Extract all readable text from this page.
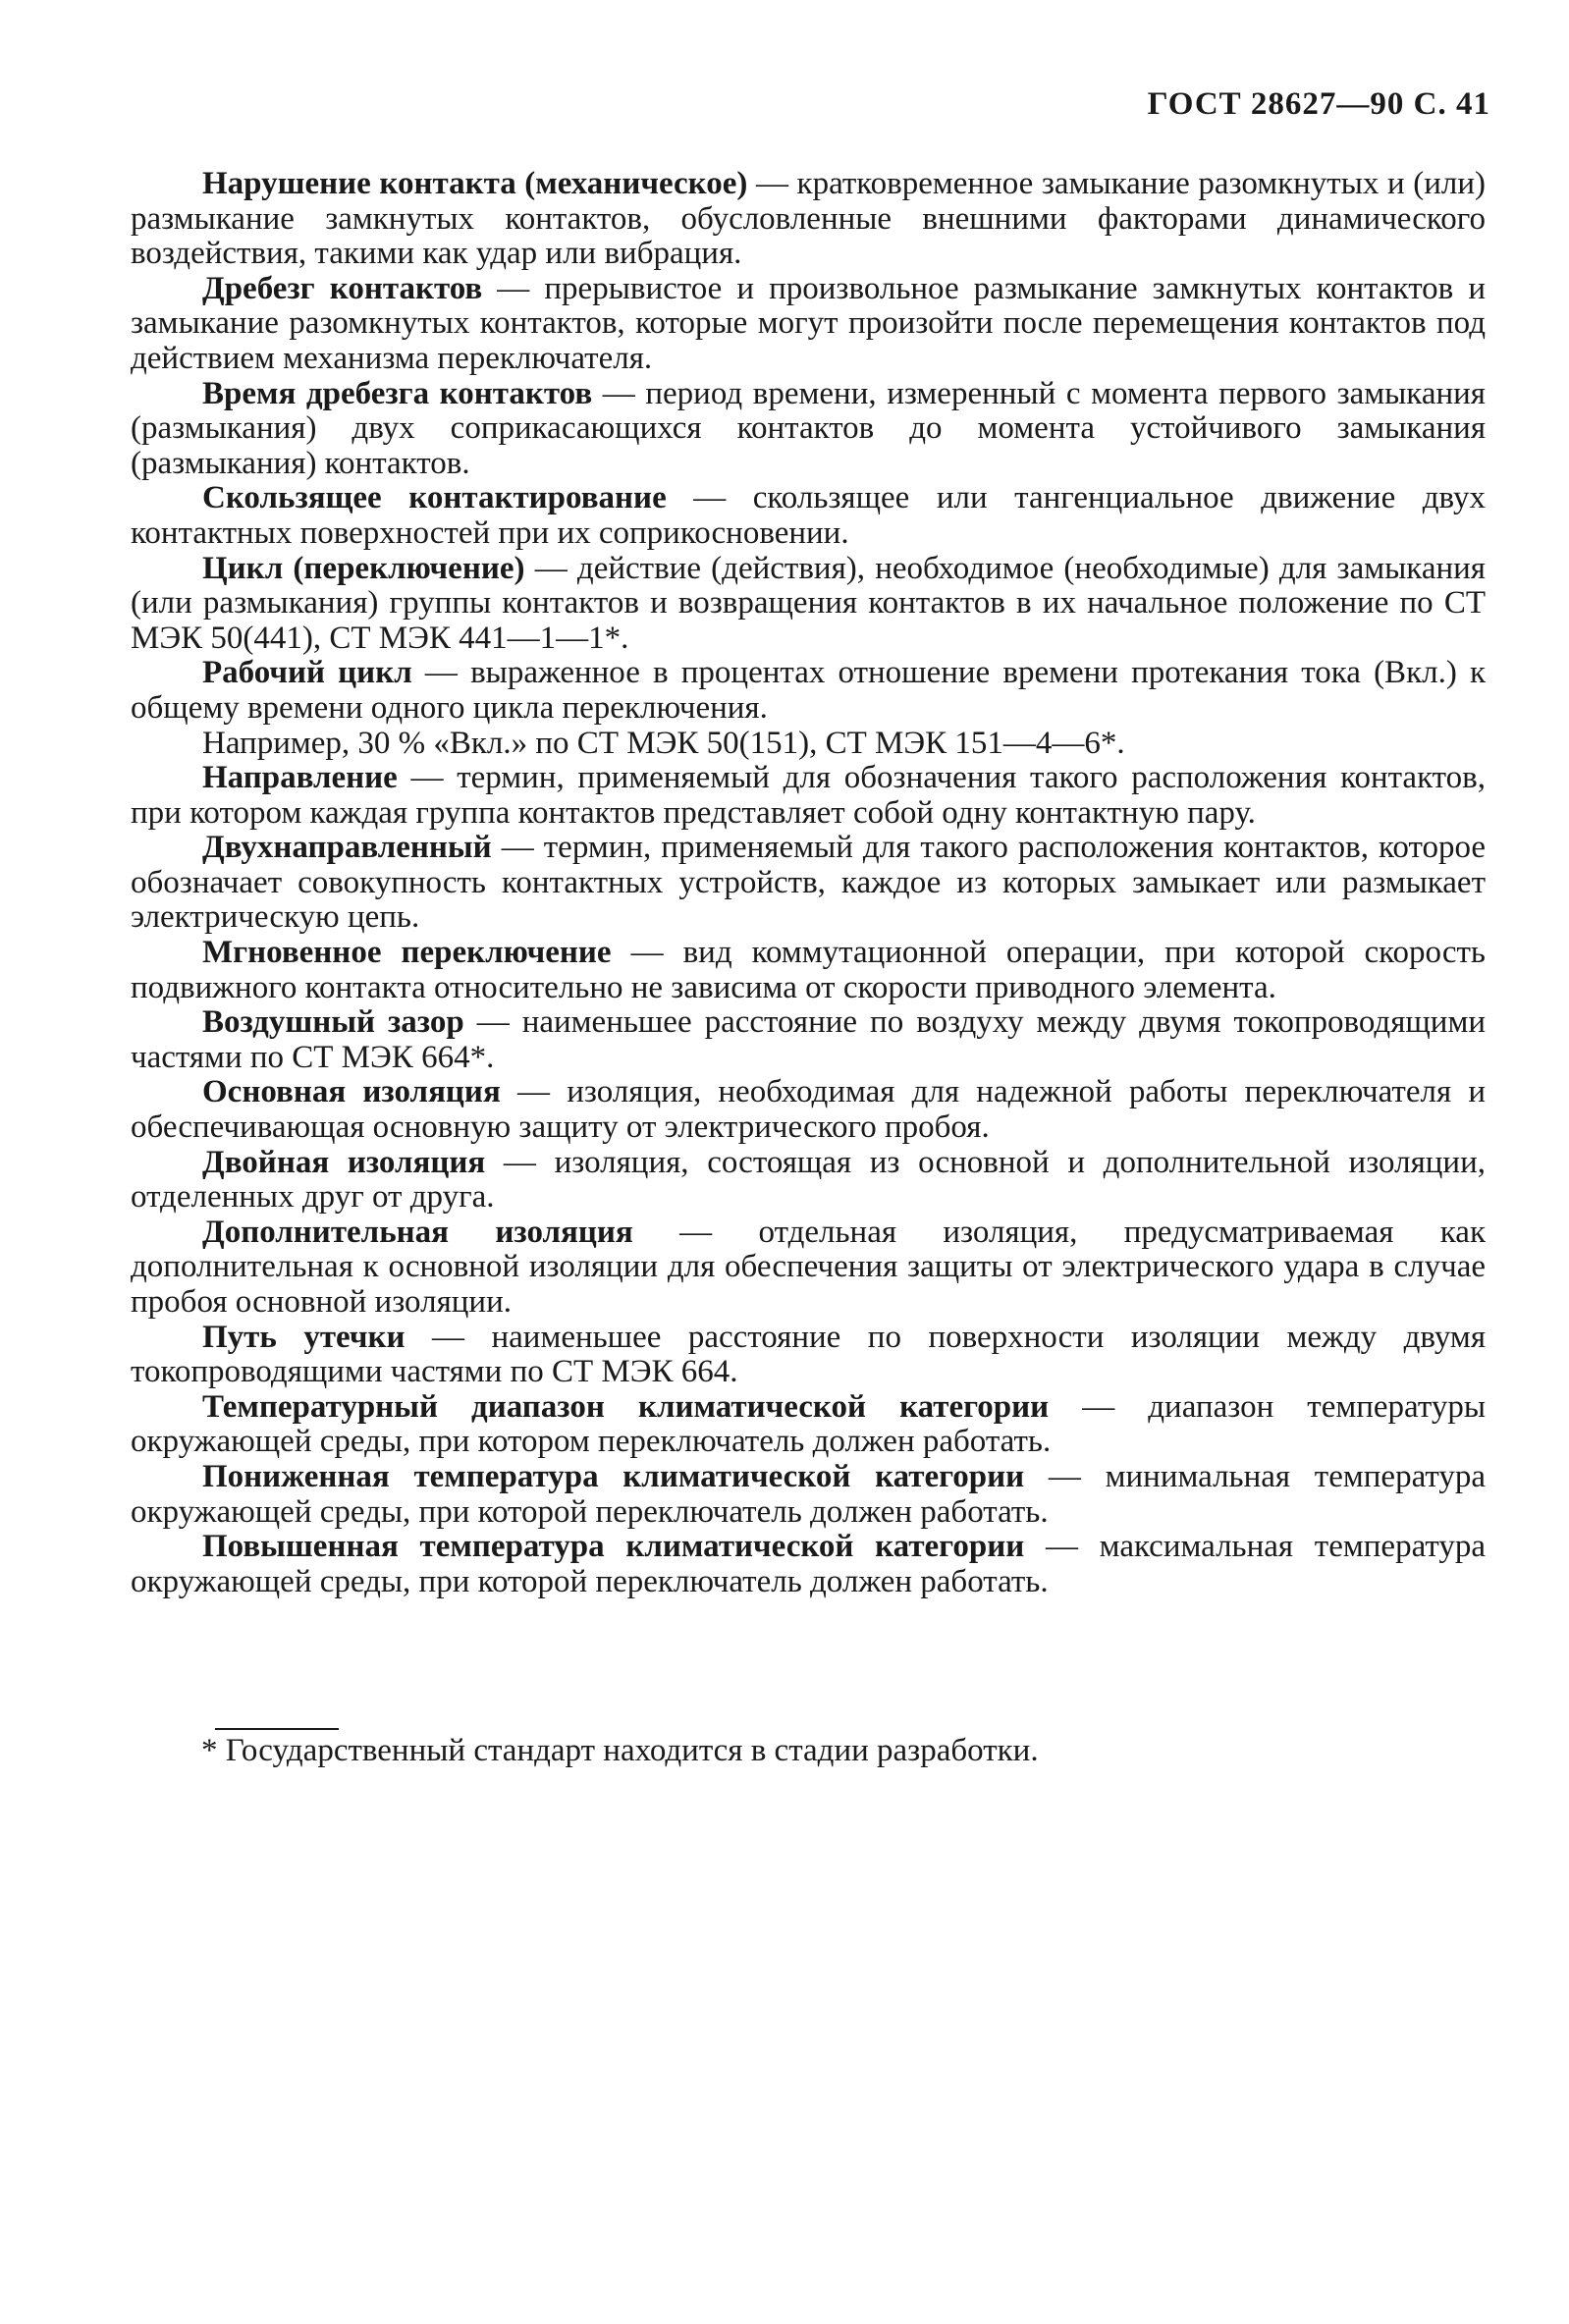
ГОСТ 28627—90 С. 41

Нарушение контакта (механическое) — кратковременное замыкание разомкнутых и (или) размыкание замкнутых контактов, обусловленные внешними факторами динамического воздействия, такими как удар или вибрация.

Дребезг контактов — прерывистое и произвольное размыкание замкнутых контактов и замыкание разомкнутых контактов, которые могут произойти после перемещения контактов под действием механизма переключателя.

Время дребезга контактов — период времени, измеренный с момента первого замыкания (размыкания) двух соприкасающихся контактов до момента устойчивого замыкания (размыкания) контактов.

Скользящее контактирование — скользящее или тангенциальное движение двух контактных поверхностей при их соприкосновении.

Цикл (переключение) — действие (действия), необходимое (необходимые) для замыкания (или размыкания) группы контактов и возвращения контактов в их начальное положение по СТ МЭК 50(441), СТ МЭК 441—1—1*.

Рабочий цикл — выраженное в процентах отношение времени протекания тока (Вкл.) к общему времени одного цикла переключения.

Например, 30 % «Вкл.» по СТ МЭК 50(151), СТ МЭК 151—4—6*.

Направление — термин, применяемый для обозначения такого расположения контактов, при котором каждая группа контактов представляет собой одну контактную пару.

Двухнаправленный — термин, применяемый для такого расположения контактов, которое обозначает совокупность контактных устройств, каждое из которых замыкает или размыкает электрическую цепь.

Мгновенное переключение — вид коммутационной операции, при которой скорость подвижного контакта относительно не зависима от скорости приводного элемента.

Воздушный зазор — наименьшее расстояние по воздуху между двумя токопроводящими частями по СТ МЭК 664*.

Основная изоляция — изоляция, необходимая для надежной работы переключателя и обеспечивающая основную защиту от электрического пробоя.

Двойная изоляция — изоляция, состоящая из основной и дополнительной изоляции, отделенных друг от друга.

Дополнительная изоляция — отдельная изоляция, предусматриваемая как дополнительная к основной изоляции для обеспечения защиты от электрического удара в случае пробоя основной изоляции.

Путь утечки — наименьшее расстояние по поверхности изоляции между двумя токопроводящими частями по СТ МЭК 664.

Температурный диапазон климатической категории — диапазон температуры окружающей среды, при котором переключатель должен работать.

Пониженная температура климатической категории — минимальная температура окружающей среды, при которой переключатель должен работать.

Повышенная температура климатической категории — максимальная температура окружающей среды, при которой переключатель должен работать.

* Государственный стандарт находится в стадии разработки.
